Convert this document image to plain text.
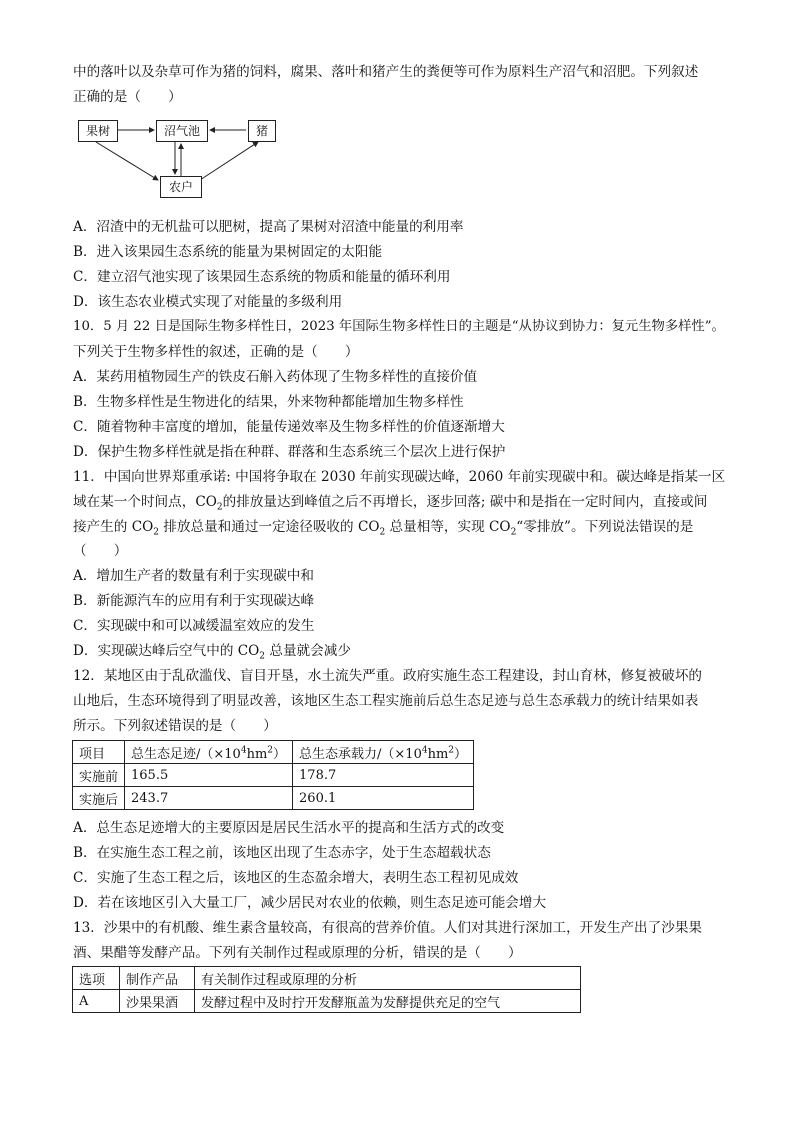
中的落叶以及杂草可作为猪的饲料，腐果、落叶和猪产生的粪便等可作为原料生产沼气和沼肥。下列叙述
正确的是（　　）
果树	沼气池	猪
农户
A．沼渣中的无机盐可以肥树，提高了果树对沼渣中能量的利用率
B．进入该果园生态系统的能量为果树固定的太阳能
C．建立沼气池实现了该果园生态系统的物质和能量的循环利用
D．该生态农业模式实现了对能量的多级利用
10．5 月 22 日是国际生物多样性日，2023 年国际生物多样性日的主题是“从协议到协力：复元生物多样性”。
下列关于生物多样性的叙述，正确的是（　　）
A．某药用植物园生产的铁皮石斛入药体现了生物多样性的直接价值
B．生物多样性是生物进化的结果，外来物种都能增加生物多样性
C．随着物种丰富度的增加，能量传递效率及生物多样性的价值逐渐增大
D．保护生物多样性就是指在种群、群落和生态系统三个层次上进行保护
11．中国向世界郑重承诺: 中国将争取在 2030 年前实现碳达峰，2060 年前实现碳中和。碳达峰是指某一区
域在某一个时间点，$CO_2$的排放量达到峰值之后不再增长，逐步回落; 碳中和是指在一定时间内，直接或间
接产生的 $CO_2$ 排放总量和通过一定途径吸收的 $CO_2$ 总量相等，实现 $CO_2“$零排放”。下列说法错误的是
（　　）
A．增加生产者的数量有利于实现碳中和
B．新能源汽车的应用有利于实现碳达峰
C．实现碳中和可以减缓温室效应的发生
D．实现碳达峰后空气中的 $CO_2$ 总量就会减少
12．某地区由于乱砍滥伐、盲目开垦，水土流失严重。政府实施生态工程建设，封山育林，修复被破坏的
山地后，生态环境得到了明显改善，该地区生态工程实施前后总生态足迹与总生态承载力的统计结果如表
所示。下列叙述错误的是（　　）
项目	总生态足迹$/(\times 10^4hm^2)$	总生态承载力$/(\times 10^4hm^2)$
实施前	165.5	178.7
实施后	243.7	260.1
A．总生态足迹增大的主要原因是居民生活水平的提高和生活方式的改变
B．在实施生态工程之前，该地区出现了生态赤字，处于生态超载状态
C．实施了生态工程之后，该地区的生态盈余增大，表明生态工程初见成效
D．若在该地区引入大量工厂，减少居民对农业的依赖，则生态足迹可能会增大
13．沙果中的有机酸、维生素含量较高，有很高的营养价值。人们对其进行深加工，开发生产出了沙果果
酒、果醋等发酵产品。下列有关制作过程或原理的分析，错误的是（　　）
选项	制作产品	有关制作过程或原理的分析
A	沙果果酒	发酵过程中及时拧开发酵瓶盖为发酵提供充足的空气
